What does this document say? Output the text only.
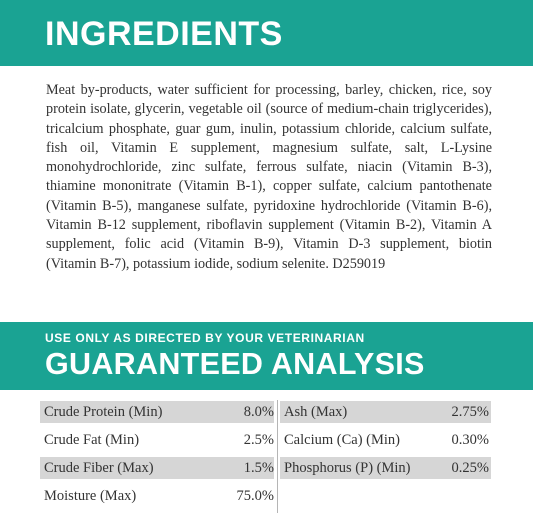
INGREDIENTS
Meat by-products, water sufficient for processing, barley, chicken, rice, soy protein isolate, glycerin, vegetable oil (source of medium-chain triglycerides), tricalcium phosphate, guar gum, inulin, potassium chloride, calcium sulfate, fish oil, Vitamin E supplement, magnesium sulfate, salt, L-Lysine monohydrochloride, zinc sulfate, ferrous sulfate, niacin (Vitamin B-3), thiamine mononitrate (Vitamin B-1), copper sulfate, calcium pantothenate (Vitamin B-5), manganese sulfate, pyridoxine hydrochloride (Vitamin B-6), Vitamin B-12 supplement, riboflavin supplement (Vitamin B-2), Vitamin A supplement, folic acid (Vitamin B-9), Vitamin D-3 supplement, biotin (Vitamin B-7), potassium iodide, sodium selenite. D259019
USE ONLY AS DIRECTED BY YOUR VETERINARIAN
GUARANTEED ANALYSIS
Crude Protein (Min)	8.0%
Crude Fat (Min)	2.5%
Crude Fiber (Max)	1.5%
Moisture (Max)	75.0%
Ash (Max)	2.75%
Calcium (Ca) (Min)	0.30%
Phosphorus (P) (Min)	0.25%
